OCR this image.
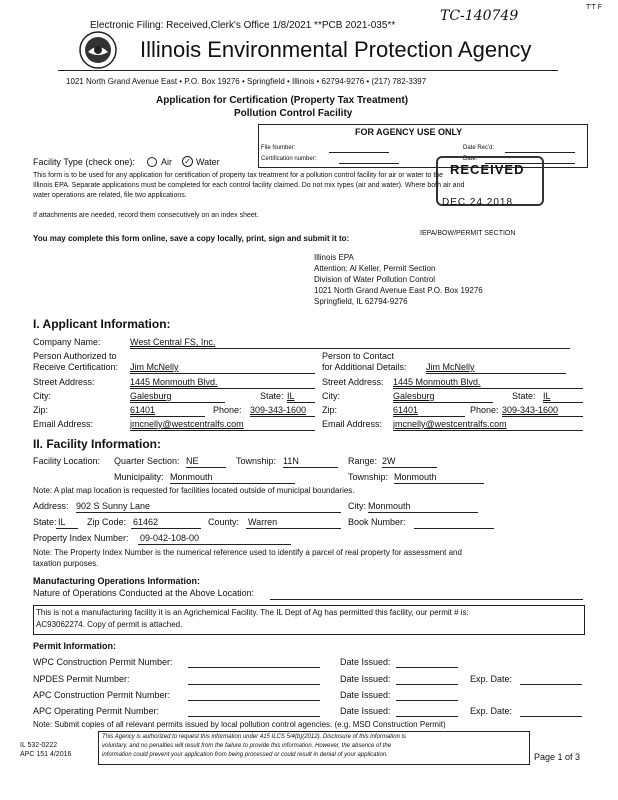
Electronic Filing: Received,Clerk's Office 1/8/2021 **PCB 2021-035**
TC-140749
T'T F
Illinois Environmental Protection Agency
1021 North Grand Avenue East • P.O. Box 19276 • Springfield • Illinois • 62794-9276 • (217) 782-3397
Application for Certification (Property Tax Treatment)
Pollution Control Facility
FOR AGENCY USE ONLY
File Number:
Certification number:
Date Rec'd:
Date:
RECEIVED
DEC 24 2018
IEPA/BOW/PERMIT SECTION
Facility Type (check one):	Air ✓ Water
This form is to be used for any application for certification of property tax treatment for a pollution control facility for air or water to the
Illinois EPA. Separate applications must be completed for each control facility claimed. Do not mix types (air and water). Where both air and
water operations are related, file two applications.
If attachments are needed, record them consecutively on an index sheet.
You may complete this form online, save a copy locally, print, sign and submit it to:
Illinois EPA
Attention: Al Keller, Permit Section
Division of Water Pollution Control
1021 North Grand Avenue East P.O. Box 19276
Springfield, IL 62794-9276
I. Applicant Information:
Company Name:	West Central FS, Inc.
Person Authorized to
Receive Certification: Jim McNelly
Person to Contact
for Additional Details: Jim McNelly
Street Address:	1445 Monmouth Blvd.	Street Address: 1445 Monmouth Blvd.
City:	Galesburg	State: IL	City:	Galesburg	State: IL
Zip:	61401	Phone: 309-343-1600 Zip:	61401	Phone: 309-343-1600
Email Address:	jmcnelly@westcentralfs.com	Email Address: jmcnelly@westcentralfs.com
II. Facility Information:
Facility Location: Quarter Section: NE	Township: 11N	Range: 2W
Municipality: Monmouth	Township: Monmouth
Note: A plat map location is requested for facilities located outside of municipal boundaries.
Address: 902 S Sunny Lane	City: Monmouth
State: IL Zip Code: 61462	County: Warren	Book Number:
Property Index Number: 09-042-108-00
Note: The Property Index Number is the numerical reference used to identify a parcel of real property for assessment and
taxation purposes.
Manufacturing Operations Information:
Nature of Operations Conducted at the Above Location:
This is not a manufacturing facility it is an Agrichemical Facility. The IL Dept of Ag has permitted this facility, our permit # is:
AC93062274. Copy of permit is attached.
Permit Information:
WPC Construction Permit Number:	Date Issued:
NPDES Permit Number:	Date Issued:	Exp. Date:
APC Construction Permit Number:	Date Issued:
APC Operating Permit Number:	Date Issued:	Exp. Date:
Note: Submit copies of all relevant permits issued by local pollution control agencies. (e.g. MSD Construction Permit)
IL 532-0222
APC 151 4/2016
This Agency is authorized to request this information under 415 ILCS 5/4(b)(2012). Disclosure of this information is
voluntary, and no penalties will result from the failure to provide this information. However, the absence of the
information could prevent your application from being processed or could result in denial of your application.	Page 1 of 3
